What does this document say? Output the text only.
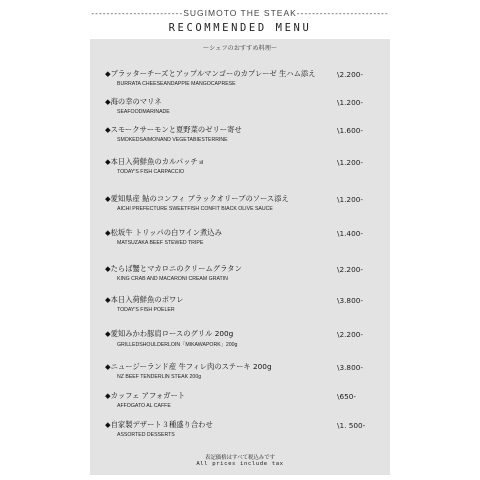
------------------------SUGIMOTO THE STEAK------------------------
RECOMMENDED MENU
〜シェフのおすすめ料理〜
◆ブラッターチーズとアップルマンゴーのカプレーゼ 生ハム添え
BURRATA CHEESEANDAPPIE MANGOCAPRESE
\2.200-
◆海の幸のマリネ
SEAFOODMARINADE
\1.200-
◆スモークサーモンと夏野菜のゼリー寄せ
SMOKEDSAIMONAND VEGETABIESTERRINE
\1.600-
◆本日入荷鮮魚のカルパッチョ
TODAY'S FISH CARPACCIO
\1.200-
◆愛知県産 鮎のコンフィ ブラックオリーブのソース添え
AICHI PREFECTURE SWEETFISH CONFIT BIACK OLIVE SAUCE
\1.200-
◆松坂牛 トリッパの白ワイン煮込み
MATSUZAKA BEEF STEWED TRIPE
\1.400-
◆たらば蟹とマカロニのクリームグラタン
KING CRAB AND MACARONI CREAM GRATIN
\2.200-
◆本日入荷鮮魚のポワレ
TODAY'S FISH POELER
\3.800-
◆愛知みかわ豚肩ロースのグリル 200g
GRILLEDSHOULDERLOIN「MIKAWAPORK」200g
\2.200-
◆ニュージーランド産 牛フィレ肉のステーキ 200g
NZ BEEF TENDERLIN STEAK 200g
\3.800-
◆カッフェ アフォガート
AFFOGATO AL CAFFE
\650-
◆自家製デザート３種盛り合わせ
ASSORTED DESSERTS
\1. 500-
表記価格はすべて税込みです
All prices include tax
